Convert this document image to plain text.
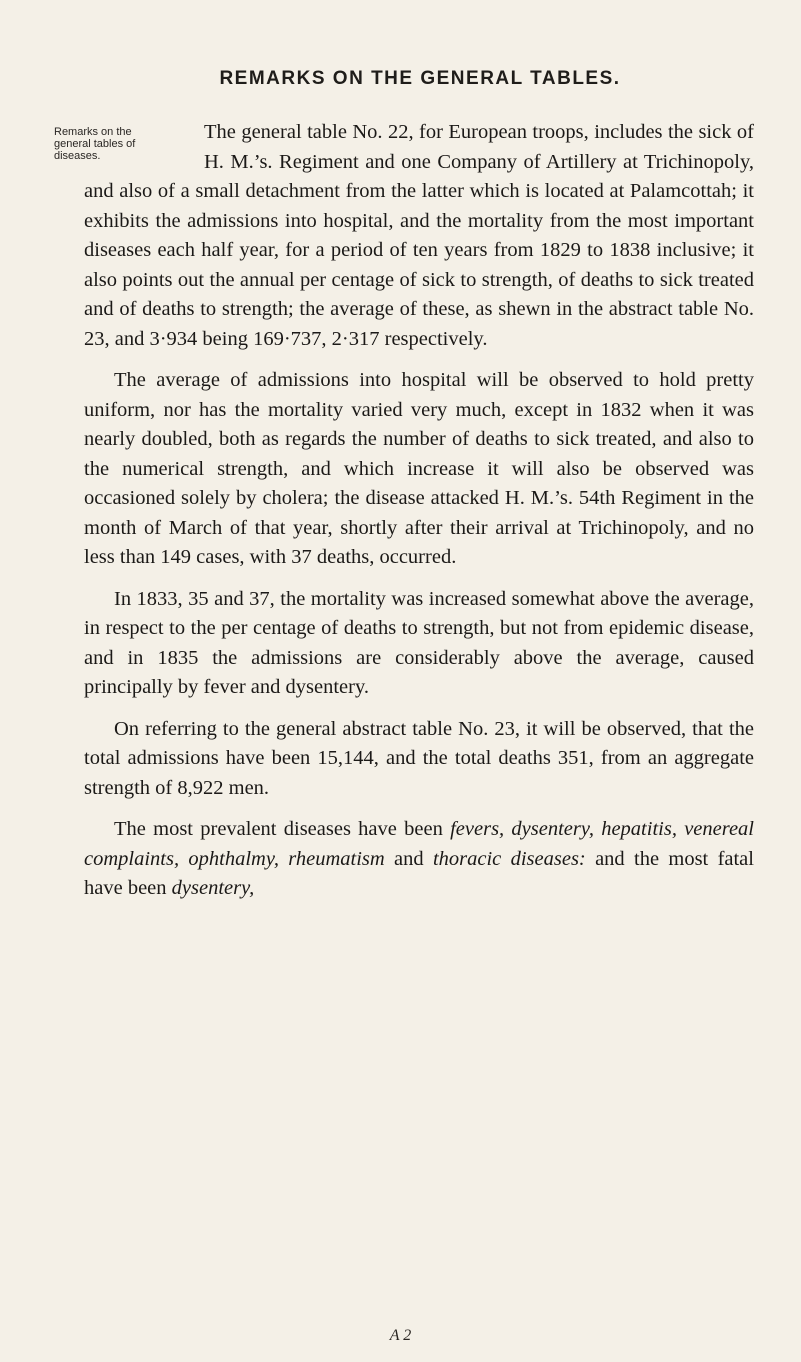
REMARKS ON THE GENERAL TABLES.
Remarks on the general tables of diseases.

The general table No. 22, for European troops, includes the sick of H. M.’s. Regiment and one Company of Artillery at Trichinopoly, and also of a small detachment from the latter which is located at Palamcottah; it exhibits the admissions into hospital, and the mortality from the most important diseases each half year, for a period of ten years from 1829 to 1838 inclusive; it also points out the annual per centage of sick to strength, of deaths to sick treated and of deaths to strength; the average of these, as shewn in the abstract table No. 23, and 3·934 being 169·737, 2·317 respectively.

The average of admissions into hospital will be observed to hold pretty uniform, nor has the mortality varied very much, except in 1832 when it was nearly doubled, both as regards the number of deaths to sick treated, and also to the numerical strength, and which increase it will also be observed was occasioned solely by cholera; the disease attacked H. M.’s. 54th Regiment in the month of March of that year, shortly after their arrival at Trichinopoly, and no less than 149 cases, with 37 deaths, occurred.

In 1833, 35 and 37, the mortality was increased somewhat above the average, in respect to the per centage of deaths to strength, but not from epidemic disease, and in 1835 the admissions are considerably above the average, caused principally by fever and dysentery.

On referring to the general abstract table No. 23, it will be observed, that the total admissions have been 15,144, and the total deaths 351, from an aggregate strength of 8,922 men.

The most prevalent diseases have been fevers, dysentery, hepatitis, venereal complaints, ophthalmy, rheumatism and thoracic diseases: and the most fatal have been dysentery,

A 2
